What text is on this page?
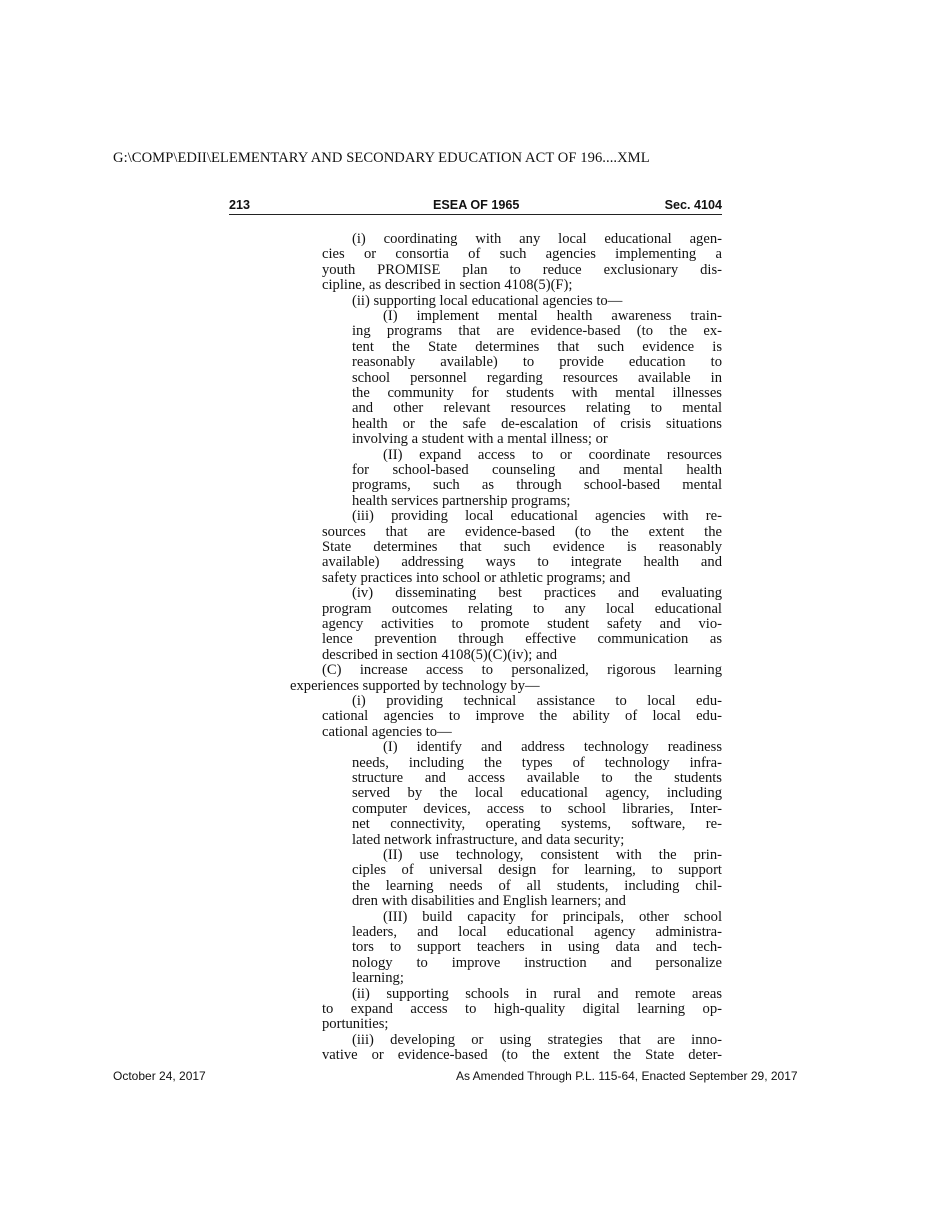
G:\COMP\EDII\ELEMENTARY AND SECONDARY EDUCATION ACT OF 196....XML
213	ESEA OF 1965	Sec. 4104
(i) coordinating with any local educational agen-
cies or consortia of such agencies implementing a
youth PROMISE plan to reduce exclusionary dis-
cipline, as described in section 4108(5)(F);
(ii) supporting local educational agencies to—
(I) implement mental health awareness train-
ing programs that are evidence-based (to the ex-
tent the State determines that such evidence is
reasonably available) to provide education to
school personnel regarding resources available in
the community for students with mental illnesses
and other relevant resources relating to mental
health or the safe de-escalation of crisis situations
involving a student with a mental illness; or
(II) expand access to or coordinate resources
for school-based counseling and mental health
programs, such as through school-based mental
health services partnership programs;
(iii) providing local educational agencies with re-
sources that are evidence-based (to the extent the
State determines that such evidence is reasonably
available) addressing ways to integrate health and
safety practices into school or athletic programs; and
(iv) disseminating best practices and evaluating
program outcomes relating to any local educational
agency activities to promote student safety and vio-
lence prevention through effective communication as
described in section 4108(5)(C)(iv); and
(C) increase access to personalized, rigorous learning
experiences supported by technology by—
(i) providing technical assistance to local edu-
cational agencies to improve the ability of local edu-
cational agencies to—
(I) identify and address technology readiness
needs, including the types of technology infra-
structure and access available to the students
served by the local educational agency, including
computer devices, access to school libraries, Inter-
net connectivity, operating systems, software, re-
lated network infrastructure, and data security;
(II) use technology, consistent with the prin-
ciples of universal design for learning, to support
the learning needs of all students, including chil-
dren with disabilities and English learners; and
(III) build capacity for principals, other school
leaders, and local educational agency administra-
tors to support teachers in using data and tech-
nology to improve instruction and personalize
learning;
(ii) supporting schools in rural and remote areas
to expand access to high-quality digital learning op-
portunities;
(iii) developing or using strategies that are inno-
vative or evidence-based (to the extent the State deter-
October 24, 2017	As Amended Through P.L. 115-64, Enacted September 29, 2017
